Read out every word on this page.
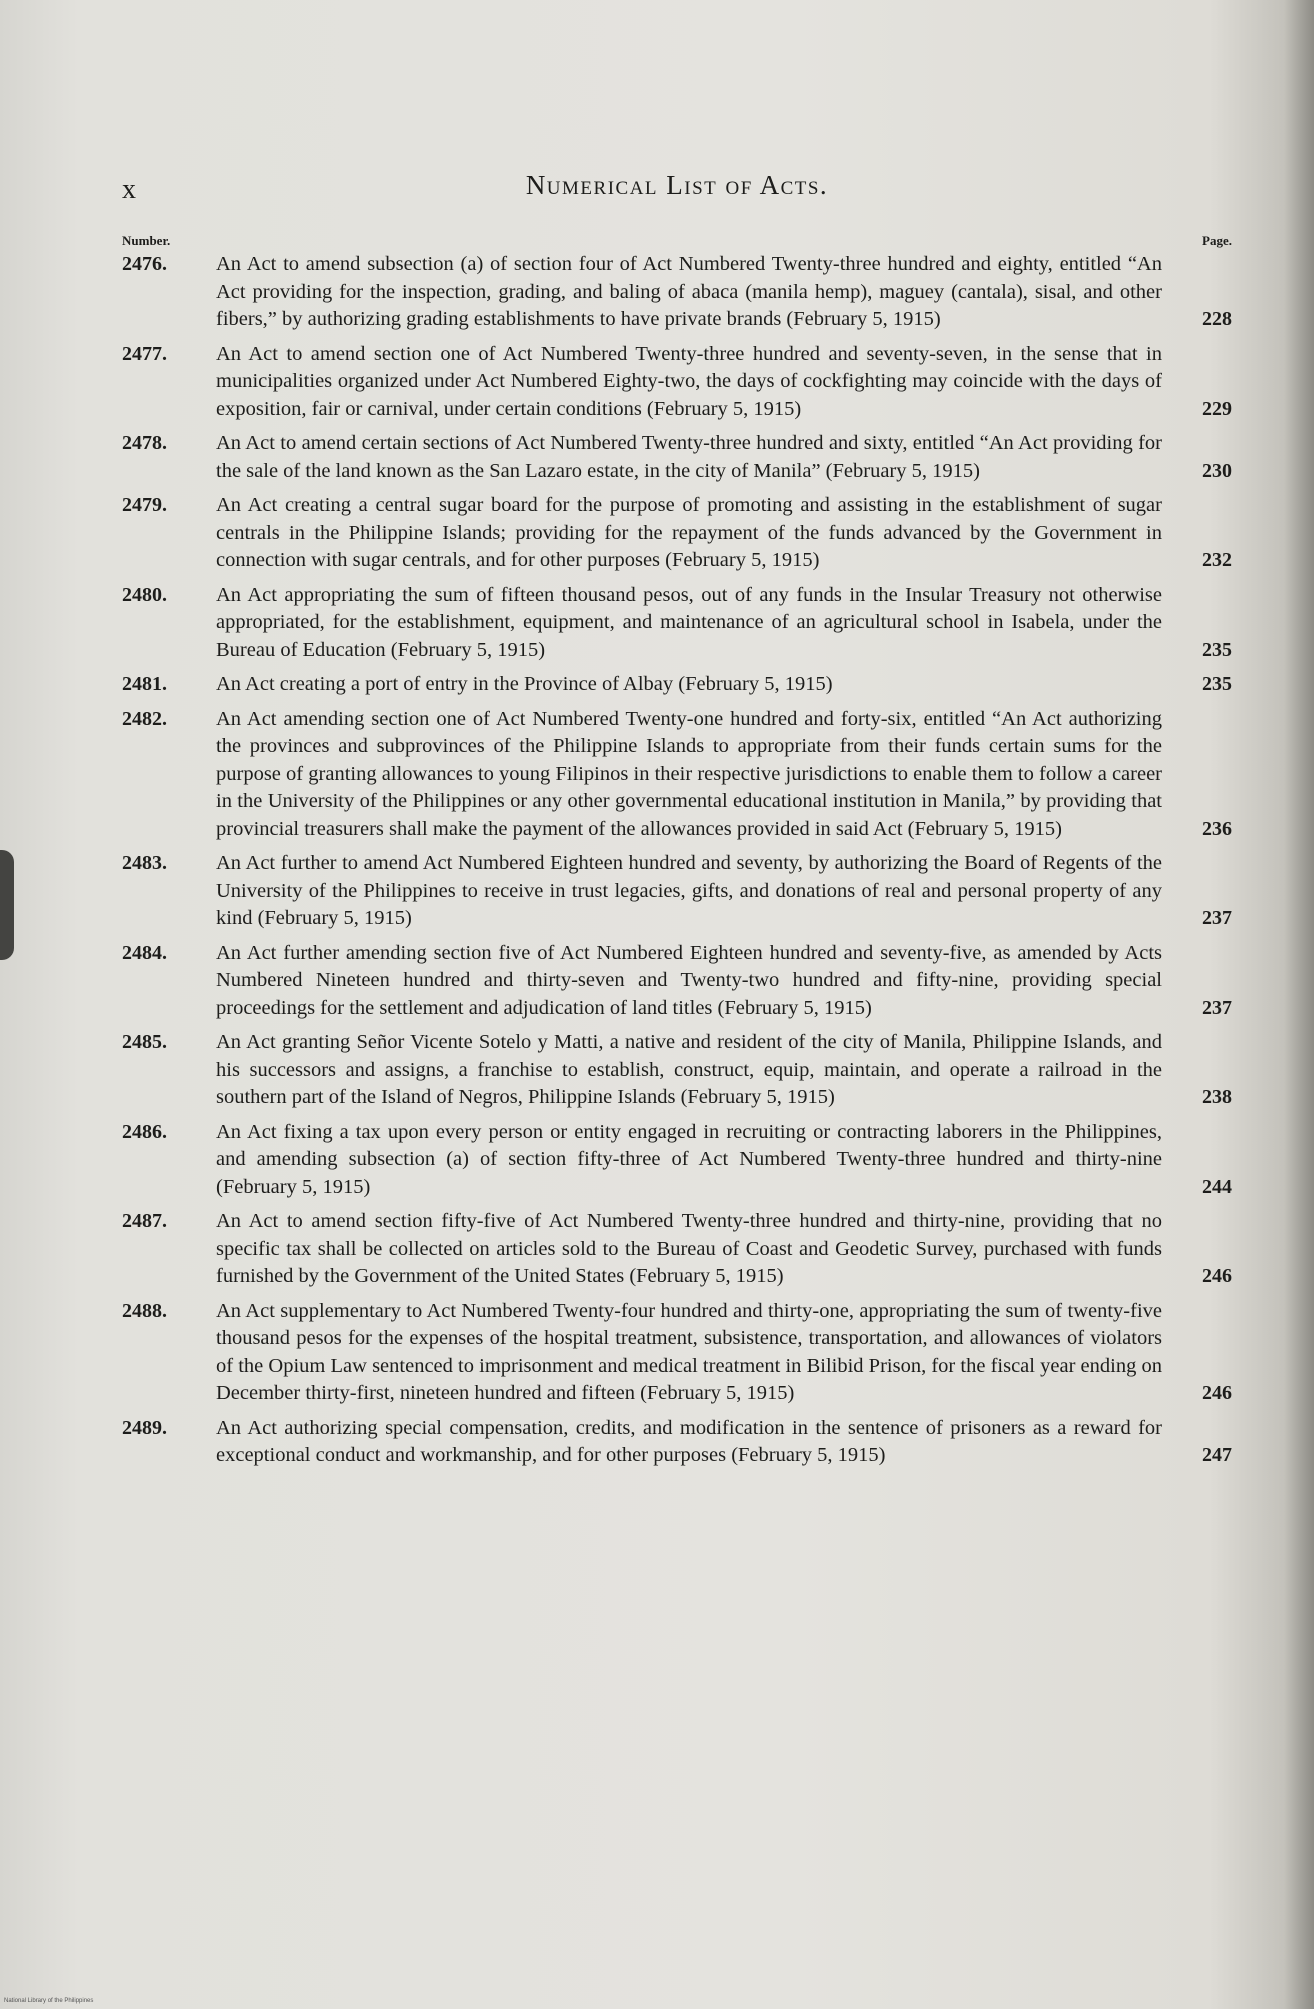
x	Numerical List of Acts.
Number.	Page.
2476. An Act to amend subsection (a) of section four of Act Numbered Twenty-three hundred and eighty, entitled “An Act providing for the inspection, grading, and baling of abaca (manila hemp), maguey (cantala), sisal, and other fibers,” by authorizing grading establishments to have private brands (February 5, 1915)	228
2477. An Act to amend section one of Act Numbered Twenty-three hundred and seventy-seven, in the sense that in municipalities organized under Act Numbered Eighty-two, the days of cockfighting may coincide with the days of exposition, fair or carnival, under certain conditions (February 5, 1915)	229
2478. An Act to amend certain sections of Act Numbered Twenty-three hundred and sixty, entitled “An Act providing for the sale of the land known as the San Lazaro estate, in the city of Manila” (February 5, 1915)	230
2479. An Act creating a central sugar board for the purpose of promoting and assisting in the establishment of sugar centrals in the Philippine Islands; providing for the repayment of the funds advanced by the Government in connection with sugar centrals, and for other purposes (February 5, 1915)	232
2480. An Act appropriating the sum of fifteen thousand pesos, out of any funds in the Insular Treasury not otherwise appropriated, for the establishment, equipment, and maintenance of an agricultural school in Isabela, under the Bureau of Education (February 5, 1915)	235
2481. An Act creating a port of entry in the Province of Albay (February 5, 1915)	235
2482. An Act amending section one of Act Numbered Twenty-one hundred and forty-six, entitled “An Act authorizing the provinces and subprovinces of the Philippine Islands to appropriate from their funds certain sums for the purpose of granting allowances to young Filipinos in their respective jurisdictions to enable them to follow a career in the University of the Philippines or any other governmental educational institution in Manila,” by providing that provincial treasurers shall make the payment of the allowances provided in said Act (February 5, 1915)	236
2483. An Act further to amend Act Numbered Eighteen hundred and seventy, by authorizing the Board of Regents of the University of the Philippines to receive in trust legacies, gifts, and donations of real and personal property of any kind (February 5, 1915)	237
2484. An Act further amending section five of Act Numbered Eighteen hundred and seventy-five, as amended by Acts Numbered Nineteen hundred and thirty-seven and Twenty-two hundred and fifty-nine, providing special proceedings for the settlement and adjudication of land titles (February 5, 1915)	237
2485. An Act granting Señor Vicente Sotelo y Matti, a native and resident of the city of Manila, Philippine Islands, and his successors and assigns, a franchise to establish, construct, equip, maintain, and operate a railroad in the southern part of the Island of Negros, Philippine Islands (February 5, 1915)	238
2486. An Act fixing a tax upon every person or entity engaged in recruiting or contracting laborers in the Philippines, and amending subsection (a) of section fifty-three of Act Numbered Twenty-three hundred and thirty-nine (February 5, 1915)	244
2487. An Act to amend section fifty-five of Act Numbered Twenty-three hundred and thirty-nine, providing that no specific tax shall be collected on articles sold to the Bureau of Coast and Geodetic Survey, purchased with funds furnished by the Government of the United States (February 5, 1915)	246
2488. An Act supplementary to Act Numbered Twenty-four hundred and thirty-one, appropriating the sum of twenty-five thousand pesos for the expenses of the hospital treatment, subsistence, transportation, and allowances of violators of the Opium Law sentenced to imprisonment and medical treatment in Bilibid Prison, for the fiscal year ending on December thirty-first, nineteen hundred and fifteen (February 5, 1915)	246
2489. An Act authorizing special compensation, credits, and modification in the sentence of prisoners as a reward for exceptional conduct and workmanship, and for other purposes (February 5, 1915)	247
National Library of the Philippines
